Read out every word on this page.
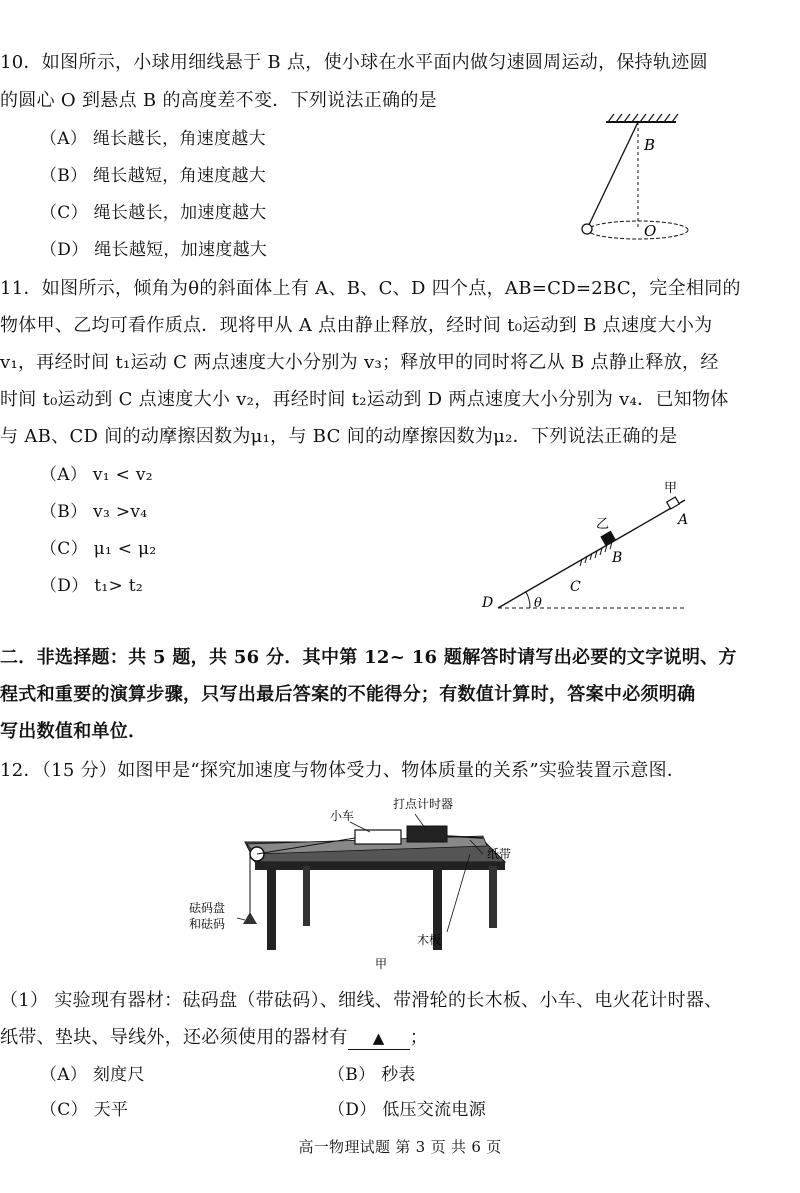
10．如图所示，小球用细线悬于 B 点，使小球在水平面内做匀速圆周运动，保持轨迹圆
的圆心 O 到悬点 B 的高度差不变．下列说法正确的是
（A） 绳长越长，角速度越大
（B） 绳长越短，角速度越大
（C） 绳长越长，加速度越大
（D） 绳长越短，加速度越大
B
O
11．如图所示，倾角为θ的斜面体上有 A、B、C、D 四个点，AB=CD=2BC，完全相同的
物体甲、乙均可看作质点．现将甲从 A 点由静止释放，经时间 t₀运动到 B 点速度大小为
v₁，再经时间 t₁运动 C 两点速度大小分别为 v₃；释放甲的同时将乙从 B 点静止释放，经
时间 t₀运动到 C 点速度大小 v₂，再经时间 t₂运动到 D 两点速度大小分别为 v₄．已知物体
与 AB、CD 间的动摩擦因数为μ₁，与 BC 间的动摩擦因数为μ₂．下列说法正确的是
（A） v₁ < v₂
（B） v₃ >v₄
（C） μ₁ < μ₂
（D） t₁> t₂
甲
乙	A
B
C
D	θ
二．非选择题：共 5 题，共 56 分．其中第 12~ 16 题解答时请写出必要的文字说明、方
程式和重要的演算步骤，只写出最后答案的不能得分；有数值计算时，答案中必须明确
写出数值和单位．
12．（15 分）如图甲是“探究加速度与物体受力、物体质量的关系”实验装置示意图．
小车
打点计时器
纸带
砝码盘
和砝码
木板
甲
（1） 实验现有器材：砝码盘（带砝码）、细线、带滑轮的长木板、小车、电火花计时器、
纸带、垫块、导线外，还必须使用的器材有 ▲ ；
（A） 刻度尺	（B） 秒表
（C） 天平	（D） 低压交流电源
高一物理试题 第 3 页 共 6 页
